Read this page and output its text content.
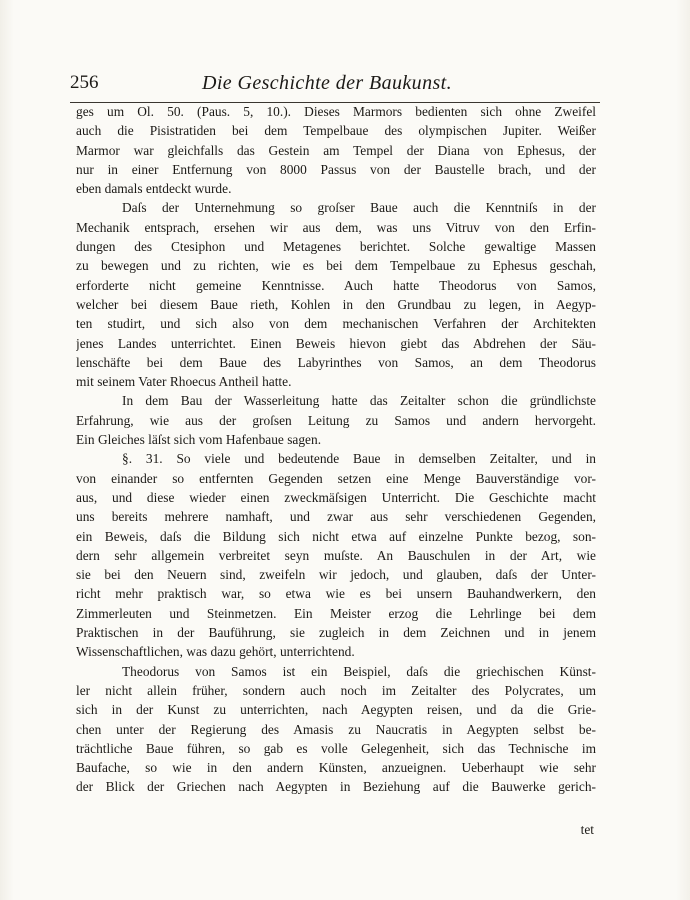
256	Die Geschichte der Baukunst.
ges um Ol. 50. (Paus. 5, 10.). Dieses Marmors bedienten sich ohne Zweifel
auch die Pisistratiden bei dem Tempelbaue des olympischen Jupiter. Weißer
Marmor war gleichfalls das Gestein am Tempel der Diana von Ephesus, der
nur in einer Entfernung von 8000 Passus von der Baustelle brach, und der
eben damals entdeckt wurde.
Daſs der Unternehmung so groſser Baue auch die Kenntniſs in der
Mechanik entsprach, ersehen wir aus dem, was uns Vitruv von den Erfin-
dungen des Ctesiphon und Metagenes berichtet. Solche gewaltige Massen
zu bewegen und zu richten, wie es bei dem Tempelbaue zu Ephesus geschah,
erforderte nicht gemeine Kenntnisse. Auch hatte Theodorus von Samos,
welcher bei diesem Baue rieth, Kohlen in den Grundbau zu legen, in Aegyp-
ten studirt, und sich also von dem mechanischen Verfahren der Architekten
jenes Landes unterrichtet. Einen Beweis hievon giebt das Abdrehen der Säu-
lenschäfte bei dem Baue des Labyrinthes von Samos, an dem Theodorus
mit seinem Vater Rhoecus Antheil hatte.
In dem Bau der Wasserleitung hatte das Zeitalter schon die gründlichste
Erfahrung, wie aus der groſsen Leitung zu Samos und andern hervorgeht.
Ein Gleiches läſst sich vom Hafenbaue sagen.
§. 31. So viele und bedeutende Baue in demselben Zeitalter, und in
von einander so entfernten Gegenden setzen eine Menge Bauverständige vor-
aus, und diese wieder einen zweckmäſsigen Unterricht. Die Geschichte macht
uns bereits mehrere namhaft, und zwar aus sehr verschiedenen Gegenden,
ein Beweis, daſs die Bildung sich nicht etwa auf einzelne Punkte bezog, son-
dern sehr allgemein verbreitet seyn muſste. An Bauschulen in der Art, wie
sie bei den Neuern sind, zweifeln wir jedoch, und glauben, daſs der Unter-
richt mehr praktisch war, so etwa wie es bei unsern Bauhandwerkern, den
Zimmerleuten und Steinmetzen. Ein Meister erzog die Lehrlinge bei dem
Praktischen in der Bauführung, sie zugleich in dem Zeichnen und in jenem
Wissenschaftlichen, was dazu gehört, unterrichtend.
Theodorus von Samos ist ein Beispiel, daſs die griechischen Künst-
ler nicht allein früher, sondern auch noch im Zeitalter des Polycrates, um
sich in der Kunst zu unterrichten, nach Aegypten reisen, und da die Grie-
chen unter der Regierung des Amasis zu Naucratis in Aegypten selbst be-
trächtliche Baue führen, so gab es volle Gelegenheit, sich das Technische im
Baufache, so wie in den andern Künsten, anzueignen. Ueberhaupt wie sehr
der Blick der Griechen nach Aegypten in Beziehung auf die Bauwerke gerich-
tet
